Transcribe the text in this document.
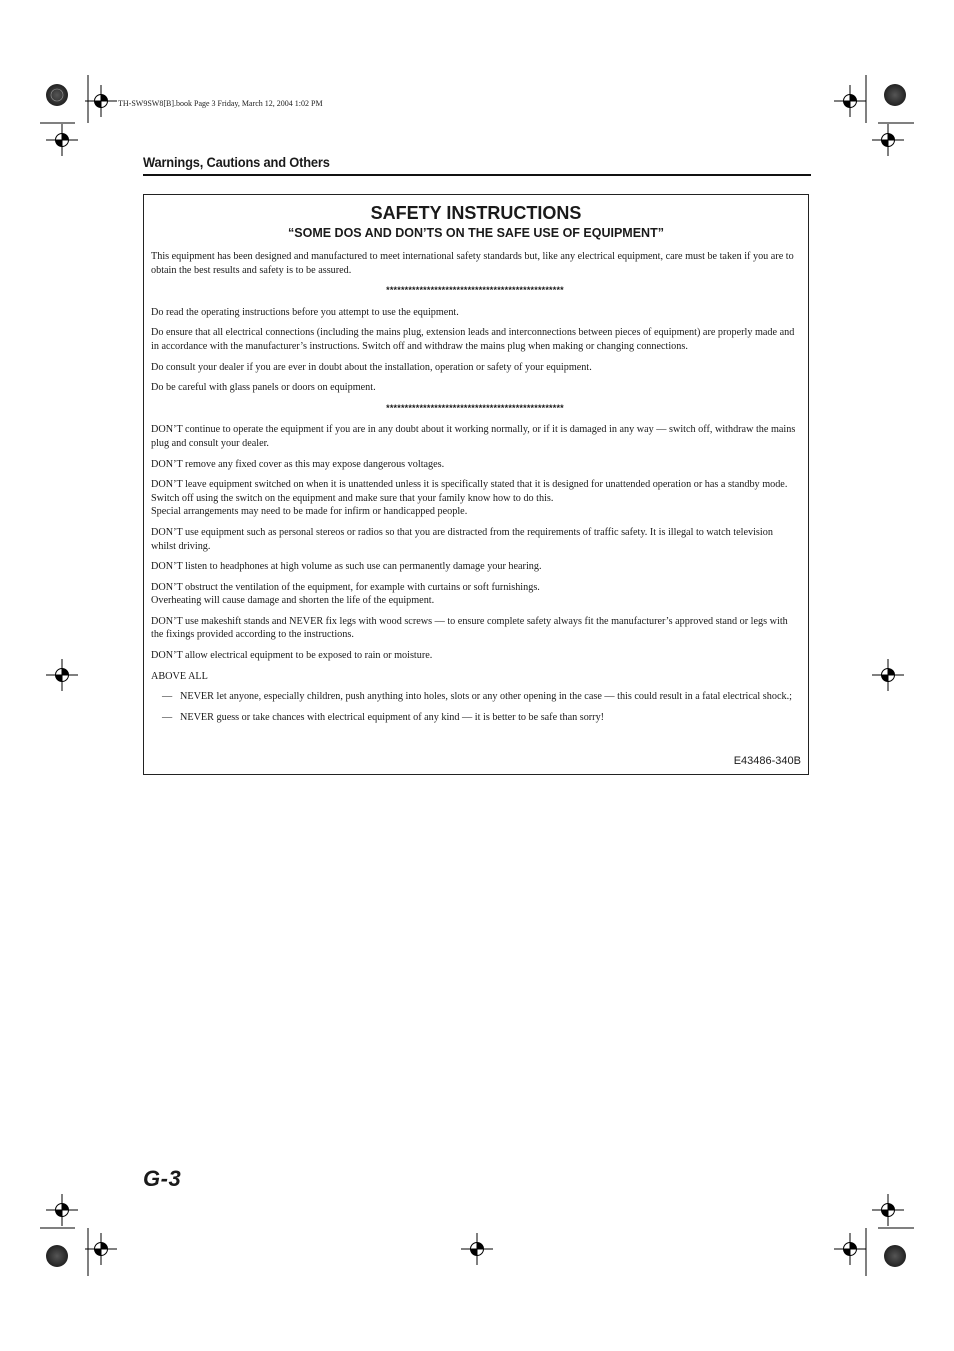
TH-SW9SW8[B].book Page 3 Friday, March 12, 2004 1:02 PM
Warnings, Cautions and Others
SAFETY INSTRUCTIONS
“SOME DOS AND DON’TS ON THE SAFE USE OF EQUIPMENT”

This equipment has been designed and manufactured to meet international safety standards but, like any electrical equipment, care must be taken if you are to obtain the best results and safety is to be assured.

************************************************

Do read the operating instructions before you attempt to use the equipment.

Do ensure that all electrical connections (including the mains plug, extension leads and interconnections between pieces of equipment) are properly made and in accordance with the manufacturer’s instructions. Switch off and withdraw the mains plug when making or changing connections.

Do consult your dealer if you are ever in doubt about the installation, operation or safety of your equipment.

Do be careful with glass panels or doors on equipment.

************************************************

DON’T continue to operate the equipment if you are in any doubt about it working normally, or if it is damaged in any way — switch off, withdraw the mains plug and consult your dealer.

DON’T remove any fixed cover as this may expose dangerous voltages.

DON’T leave equipment switched on when it is unattended unless it is specifically stated that it is designed for unattended operation or has a standby mode.
Switch off using the switch on the equipment and make sure that your family know how to do this.
Special arrangements may need to be made for infirm or handicapped people.

DON’T use equipment such as personal stereos or radios so that you are distracted from the requirements of traffic safety. It is illegal to watch television whilst driving.

DON’T listen to headphones at high volume as such use can permanently damage your hearing.

DON’T obstruct the ventilation of the equipment, for example with curtains or soft furnishings.
Overheating will cause damage and shorten the life of the equipment.

DON’T use makeshift stands and NEVER fix legs with wood screws — to ensure complete safety always fit the manufacturer’s approved stand or legs with the fixings provided according to the instructions.

DON’T allow electrical equipment to be exposed to rain or moisture.

ABOVE ALL

— NEVER let anyone, especially children, push anything into holes, slots or any other opening in the case — this could result in a fatal electrical shock.;
— NEVER guess or take chances with electrical equipment of any kind — it is better to be safe than sorry!
E43486-340B
G-3
